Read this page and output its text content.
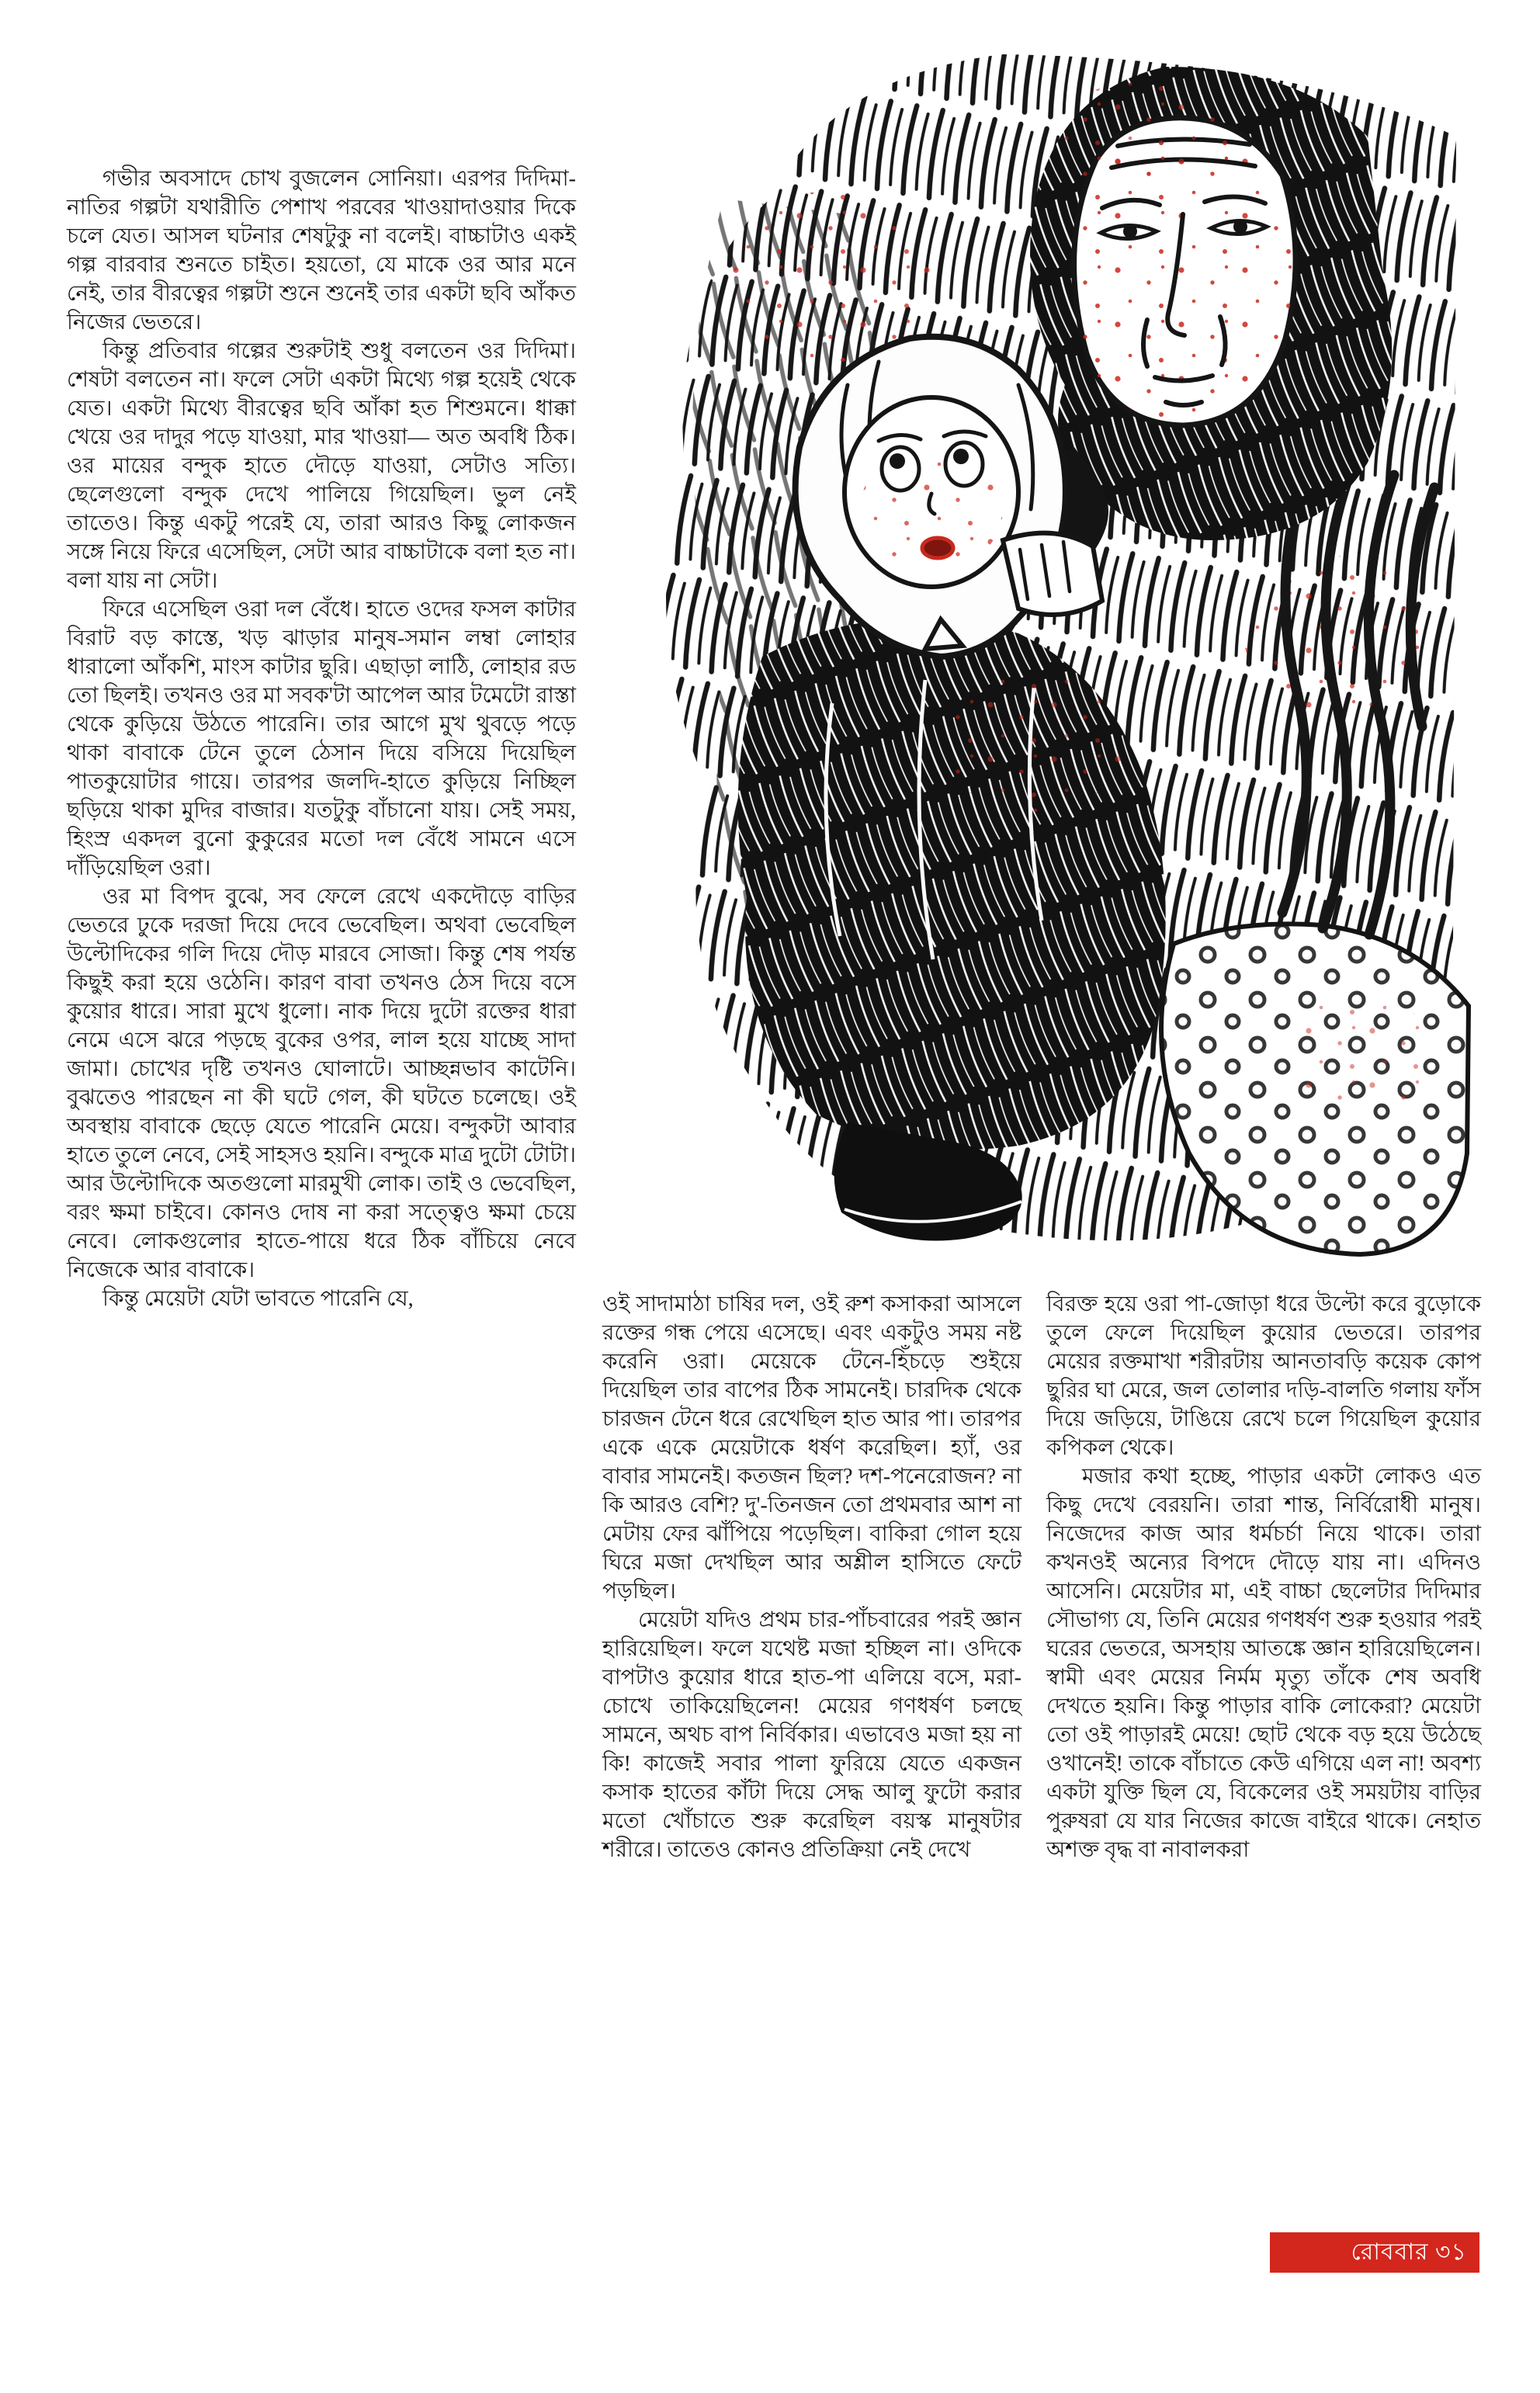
গভীর অবসাদে চোখ বুজলেন সোনিয়া। এরপর দিদিমা-নাতির গল্পটা যথারীতি পেশাখ পরবের খাওয়াদাওয়ার দিকে চলে যেত। আসল ঘটনার শেষটুকু না বলেই। বাচ্চাটাও একই গল্প বারবার শুনতে চাইত। হয়তো, যে মাকে ওর আর মনে নেই, তার বীরত্বের গল্পটা শুনে শুনেই তার একটা ছবি আঁকত নিজের ভেতরে।

কিন্তু প্রতিবার গল্পের শুরুটাই শুধু বলতেন ওর দিদিমা। শেষটা বলতেন না। ফলে সেটা একটা মিথ্যে গল্প হয়েই থেকে যেত। একটা মিথ্যে বীরত্বের ছবি আঁকা হত শিশুমনে। ধাক্কা খেয়ে ওর দাদুর পড়ে যাওয়া, মার খাওয়া— অত অবধি ঠিক। ওর মায়ের বন্দুক হাতে দৌড়ে যাওয়া, সেটাও সত্যি। ছেলেগুলো বন্দুক দেখে পালিয়ে গিয়েছিল। ভুল নেই তাতেও। কিন্তু একটু পরেই যে, তারা আরও কিছু লোকজন সঙ্গে নিয়ে ফিরে এসেছিল, সেটা আর বাচ্চাটাকে বলা হত না। বলা যায় না সেটা।

ফিরে এসেছিল ওরা দল বেঁধে। হাতে ওদের ফসল কাটার বিরাট বড় কাস্তে, খড় ঝাড়ার মানুষ-সমান লম্বা লোহার ধারালো আঁকশি, মাংস কাটার ছুরি। এছাড়া লাঠি, লোহার রড তো ছিলই। তখনও ওর মা সবক'টা আপেল আর টমেটো রাস্তা থেকে কুড়িয়ে উঠতে পারেনি। তার আগে মুখ থুবড়ে পড়ে থাকা বাবাকে টেনে তুলে ঠেসান দিয়ে বসিয়ে দিয়েছিল পাতকুয়োটার গায়ে। তারপর জলদি-হাতে কুড়িয়ে নিচ্ছিল ছড়িয়ে থাকা মুদির বাজার। যতটুকু বাঁচানো যায়। সেই সময়, হিংস্র একদল বুনো কুকুরের মতো দল বেঁধে সামনে এসে দাঁড়িয়েছিল ওরা।

ওর মা বিপদ বুঝে, সব ফেলে রেখে একদৌড়ে বাড়ির ভেতরে ঢুকে দরজা দিয়ে দেবে ভেবেছিল। অথবা ভেবেছিল উল্টোদিকের গলি দিয়ে দৌড় মারবে সোজা। কিন্তু শেষ পর্যন্ত কিছুই করা হয়ে ওঠেনি। কারণ বাবা তখনও ঠেস দিয়ে বসে কুয়োর ধারে। সারা মুখে ধুলো। নাক দিয়ে দুটো রক্তের ধারা নেমে এসে ঝরে পড়ছে বুকের ওপর, লাল হয়ে যাচ্ছে সাদা জামা। চোখের দৃষ্টি তখনও ঘোলাটে। আচ্ছন্নভাব কাটেনি। বুঝতেও পারছেন না কী ঘটে গেল, কী ঘটতে চলেছে। ওই অবস্থায় বাবাকে ছেড়ে যেতে পারেনি মেয়ে। বন্দুকটা আবার হাতে তুলে নেবে, সেই সাহসও হয়নি। বন্দুকে মাত্র দুটো টোটা। আর উল্টোদিকে অতগুলো মারমুখী লোক। তাই ও ভেবেছিল, বরং ক্ষমা চাইবে। কোনও দোষ না করা সত্ত্বেও ক্ষমা চেয়ে নেবে। লোকগুলোর হাতে-পায়ে ধরে ঠিক বাঁচিয়ে নেবে নিজেকে আর বাবাকে।

কিন্তু মেয়েটা যেটা ভাবতে পারেনি যে,	ওই সাদামাঠা চাষির দল, ওই রুশ কসাকরা আসলে রক্তের গন্ধ পেয়ে এসেছে। এবং একটুও সময় নষ্ট করেনি ওরা। মেয়েকে টেনে-হিঁচড়ে শুইয়ে দিয়েছিল তার বাপের ঠিক সামনেই। চারদিক থেকে চারজন টেনে ধরে রেখেছিল হাত আর পা। তারপর একে একে মেয়েটাকে ধর্ষণ করেছিল। হ্যাঁ, ওর বাবার সামনেই। কতজন ছিল? দশ-পনেরোজন? না কি আরও বেশি? দু'-তিনজন তো প্রথমবার আশ না মেটায় ফের ঝাঁপিয়ে পড়েছিল। বাকিরা গোল হয়ে ঘিরে মজা দেখছিল আর অশ্লীল হাসিতে ফেটে পড়ছিল।

মেয়েটা যদিও প্রথম চার-পাঁচবারের পরই জ্ঞান হারিয়েছিল। ফলে যথেষ্ট মজা হচ্ছিল না। ওদিকে বাপটাও কুয়োর ধারে হাত-পা এলিয়ে বসে, মরা-চোখে তাকিয়েছিলেন! মেয়ের গণধর্ষণ চলছে সামনে, অথচ বাপ নির্বিকার। এভাবেও মজা হয় না কি! কাজেই সবার পালা ফুরিয়ে যেতে একজন কসাক হাতের কাঁটা দিয়ে সেদ্ধ আলু ফুটো করার মতো খোঁচাতে শুরু করেছিল বয়স্ক মানুষটার শরীরে। তাতেও কোনও প্রতিক্রিয়া নেই দেখে

বিরক্ত হয়ে ওরা পা-জোড়া ধরে উল্টো করে বুড়োকে তুলে ফেলে দিয়েছিল কুয়োর ভেতরে। তারপর মেয়ের রক্তমাখা শরীরটায় আনতাবড়ি কয়েক কোপ ছুরির ঘা মেরে, জল তোলার দড়ি-বালতি গলায় ফাঁস দিয়ে জড়িয়ে, টাঙিয়ে রেখে চলে গিয়েছিল কুয়োর কপিকল থেকে।

মজার কথা হচ্ছে, পাড়ার একটা লোকও এত কিছু দেখে বেরয়নি। তারা শান্ত, নির্বিরোধী মানুষ। নিজেদের কাজ আর ধর্মচর্চা নিয়ে থাকে। তারা কখনওই অন্যের বিপদে দৌড়ে যায় না। এদিনও আসেনি। মেয়েটার মা, এই বাচ্চা ছেলেটার দিদিমার সৌভাগ্য যে, তিনি মেয়ের গণধর্ষণ শুরু হওয়ার পরই ঘরের ভেতরে, অসহায় আতঙ্কে জ্ঞান হারিয়েছিলেন। স্বামী এবং মেয়ের নির্মম মৃত্যু তাঁকে শেষ অবধি দেখতে হয়নি। কিন্তু পাড়ার বাকি লোকেরা? মেয়েটা তো ওই পাড়ারই মেয়ে! ছোট থেকে বড় হয়ে উঠেছে ওখানেই! তাকে বাঁচাতে কেউ এগিয়ে এল না! অবশ্য একটা যুক্তি ছিল যে, বিকেলের ওই সময়টায় বাড়ির পুরুষরা যে যার নিজের কাজে বাইরে থাকে। নেহাত অশক্ত বৃদ্ধ বা নাবালকরা

রোববার ৩১
